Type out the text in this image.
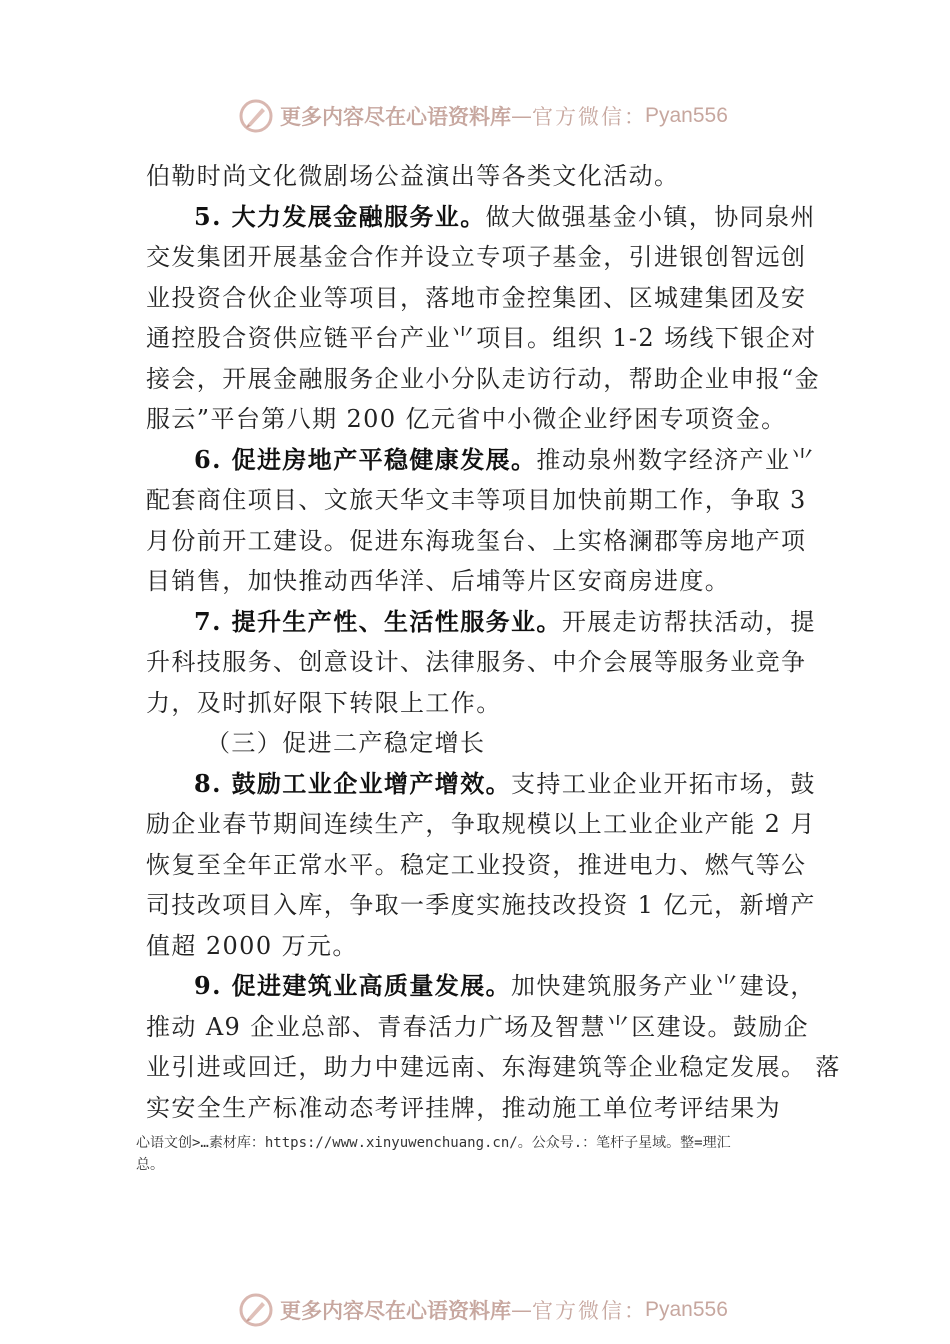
更多内容尽在心语资料库 — 官方微信 ： Pyan556
伯勒时尚文化微剧场公益演出等各类文化活动。
5. 大力发展金融服务业。做大做强基金小镇，协同泉州
交发集团开展基金合作并设立专项子基金，引进银创智远创
业投资合伙企业等项目，落地市金控集团、区城建集团及安
通控股合资供应链平台产业⺌项目。组织 1-2 场线下银企对
接会，开展金融服务企业小分队走访行动，帮助企业申报“金
服云”平台第八期 200 亿元省中小微企业纾困专项资金。
6. 促进房地产平稳健康发展。推动泉州数字经济产业⺌
配套商住项目、文旅天华文丰等项目加快前期工作，争取 3
月份前开工建设。促进东海珑玺台、上实格澜郡等房地产项
目销售，加快推动西华洋、后埔等片区安商房进度。
7. 提升生产性、生活性服务业。开展走访帮扶活动，提
升科技服务、创意设计、法律服务、中介会展等服务业竞争
力，及时抓好限下转限上工作。
（三）促进二产稳定增长
8. 鼓励工业企业增产增效。支持工业企业开拓市场，鼓
励企业春节期间连续生产，争取规模以上工业企业产能 2 月
恢复至全年正常水平。稳定工业投资，推进电力、燃气等公
司技改项目入库，争取一季度实施技改投资 1 亿元，新增产
值超 2000 万元。
9. 促进建筑业高质量发展。加快建筑服务产业⺌建设，
推动 A9 企业总部、青春活力广场及智慧⺌区建设。鼓励企
业引进或回迁，助力中建远南、东海建筑等企业稳定发展。 落
实安全生产标准动态考评挂牌，推动施工单位考评结果为
心语文创>…素材库：https://www.xinyuwenchuang.cn/。公众号.：笔杆子星域。整=理汇
总。
更多内容尽在心语资料库 — 官方微信 ： Pyan556
